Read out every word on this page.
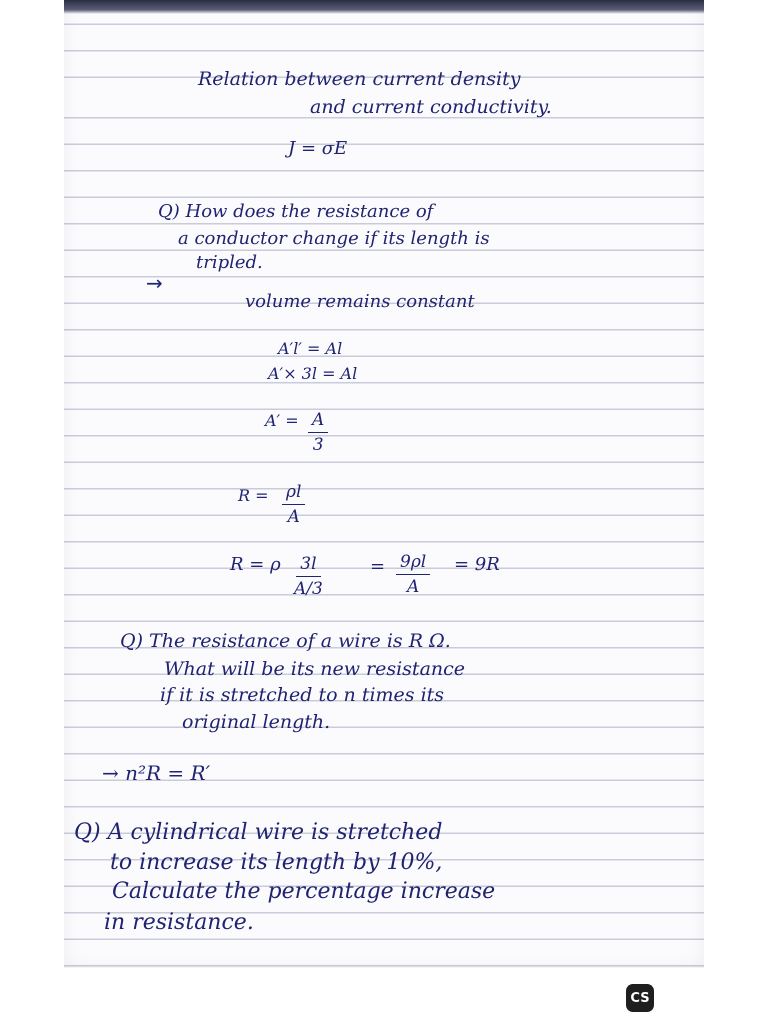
Relation between current density
and current conductivity.
J = σE
Q) How does the resistance of
a conductor change if its length is
tripled.
→
volume remains constant
A′l′ = Al
A′× 3l = Al
$A' = \frac{A}{3}$
$R = \frac{\rho l}{A}$
R = ρ $\frac{3l}{A/3}$	= $\frac{9\rho l}{A} = 9R$
Q) The resistance of a wire is R Ω.
What will be its new resistance
if it is stretched to n times its
original length.
→ n²R = R′
Q) A cylindrical wire is stretched
to increase its length by 10%,
Calculate the percentage increase
in resistance.
CS
